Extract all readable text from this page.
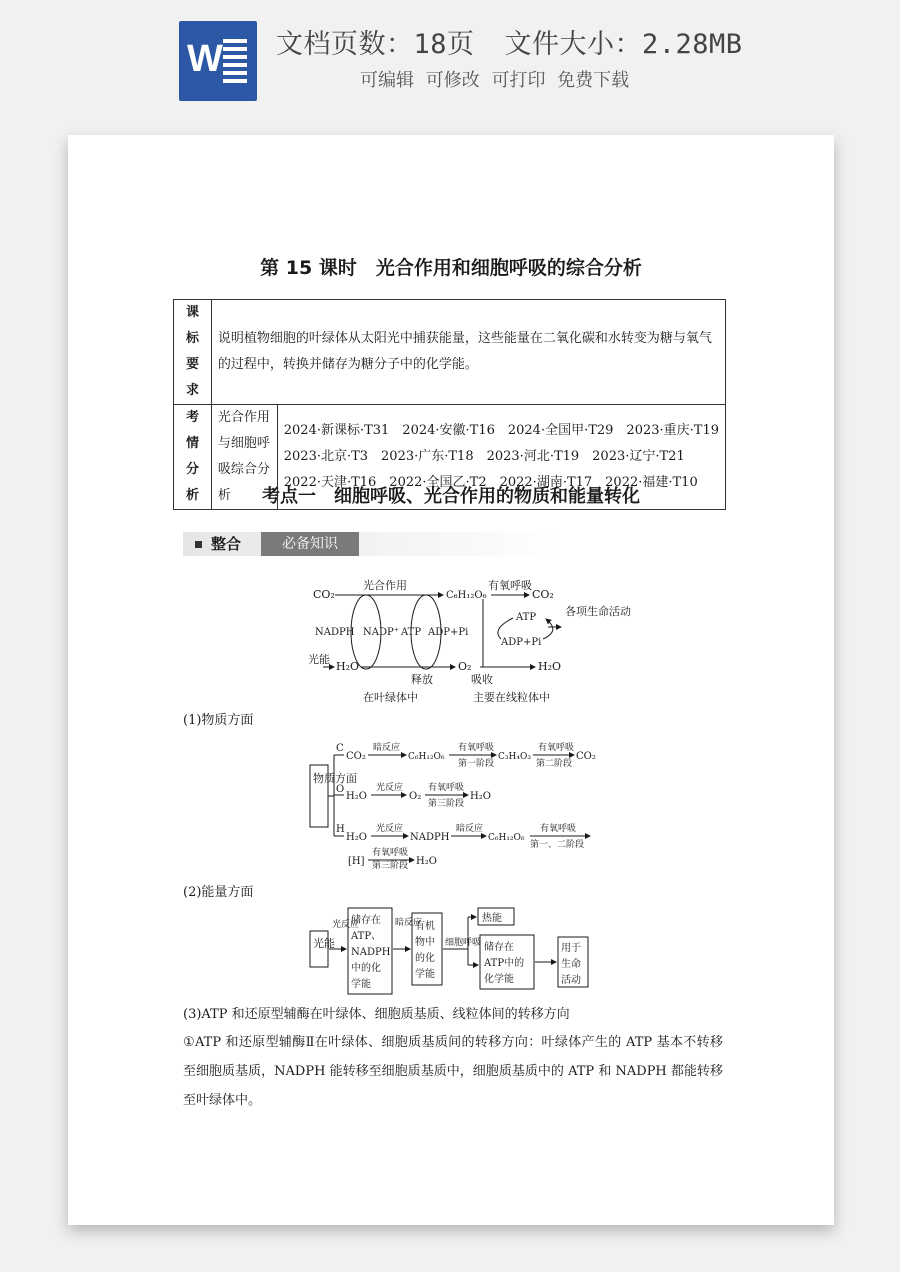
W 文档页数：18页 文件大小：2.28MB
可编辑 可修改 可打印 免费下载
第 15 课时　光合作用和细胞呼吸的综合分析
课标要求	说明植物细胞的叶绿体从太阳光中捕获能量，这些能量在二氧化碳和水转变为糖与氧气的过程中，转换并储存为糖分子中的化学能。	
考情分析	光合作用与细胞呼吸综合分析	2024·新课标·T31　2024·安徽·T16　2024·全国甲·T29　2023·重庆·T19
2023·北京·T3　2023·广东·T18　2023·河北·T19　2023·辽宁·T21
2022·天津·T16　2022·全国乙·T2　2022·湖南·T17　2022·福建·T10
考点一　细胞呼吸、光合作用的物质和能量转化
整合	必备知识
CO₂
光合作用
C₆H₁₂O₆
有氧呼吸
CO₂
NADPH NADP⁺ ATP ADP+Pi
光能
H₂O
释放
O₂
吸收
H₂O
ATP
ADP+Pi
各项生命活动
在叶绿体中	主要在线粒体中
(1)物质方面
物质方面
C
O
H
CO₂
暗反应
C₆H₁₂O₆
有氧呼吸
第一阶段
C₃H₄O₃
有氧呼吸
第二阶段
CO₂
H₂O
光反应
O₂
有氧呼吸
第三阶段
H₂O
H₂O
光反应
NADPH
暗反应
C₆H₁₂O₆
有氧呼吸
第一、二阶段
[H]
有氧呼吸
第三阶段 H₂O
(2)能量方面
光能
光反应
储存在
ATP、
NADPH
中的化
学能
暗反应
有机
物中
的化
学能
细胞呼吸
热能
储存在
ATP中的
化学能
用于
生命
活动
(3)ATP 和还原型辅酶在叶绿体、细胞质基质、线粒体间的转移方向
①ATP 和还原型辅酶Ⅱ在叶绿体、细胞质基质间的转移方向：叶绿体产生的 ATP 基本不转移至细胞质基质，NADPH 能转移至细胞质基质中，细胞质基质中的 ATP 和 NADPH 都能转移至叶绿体中。
